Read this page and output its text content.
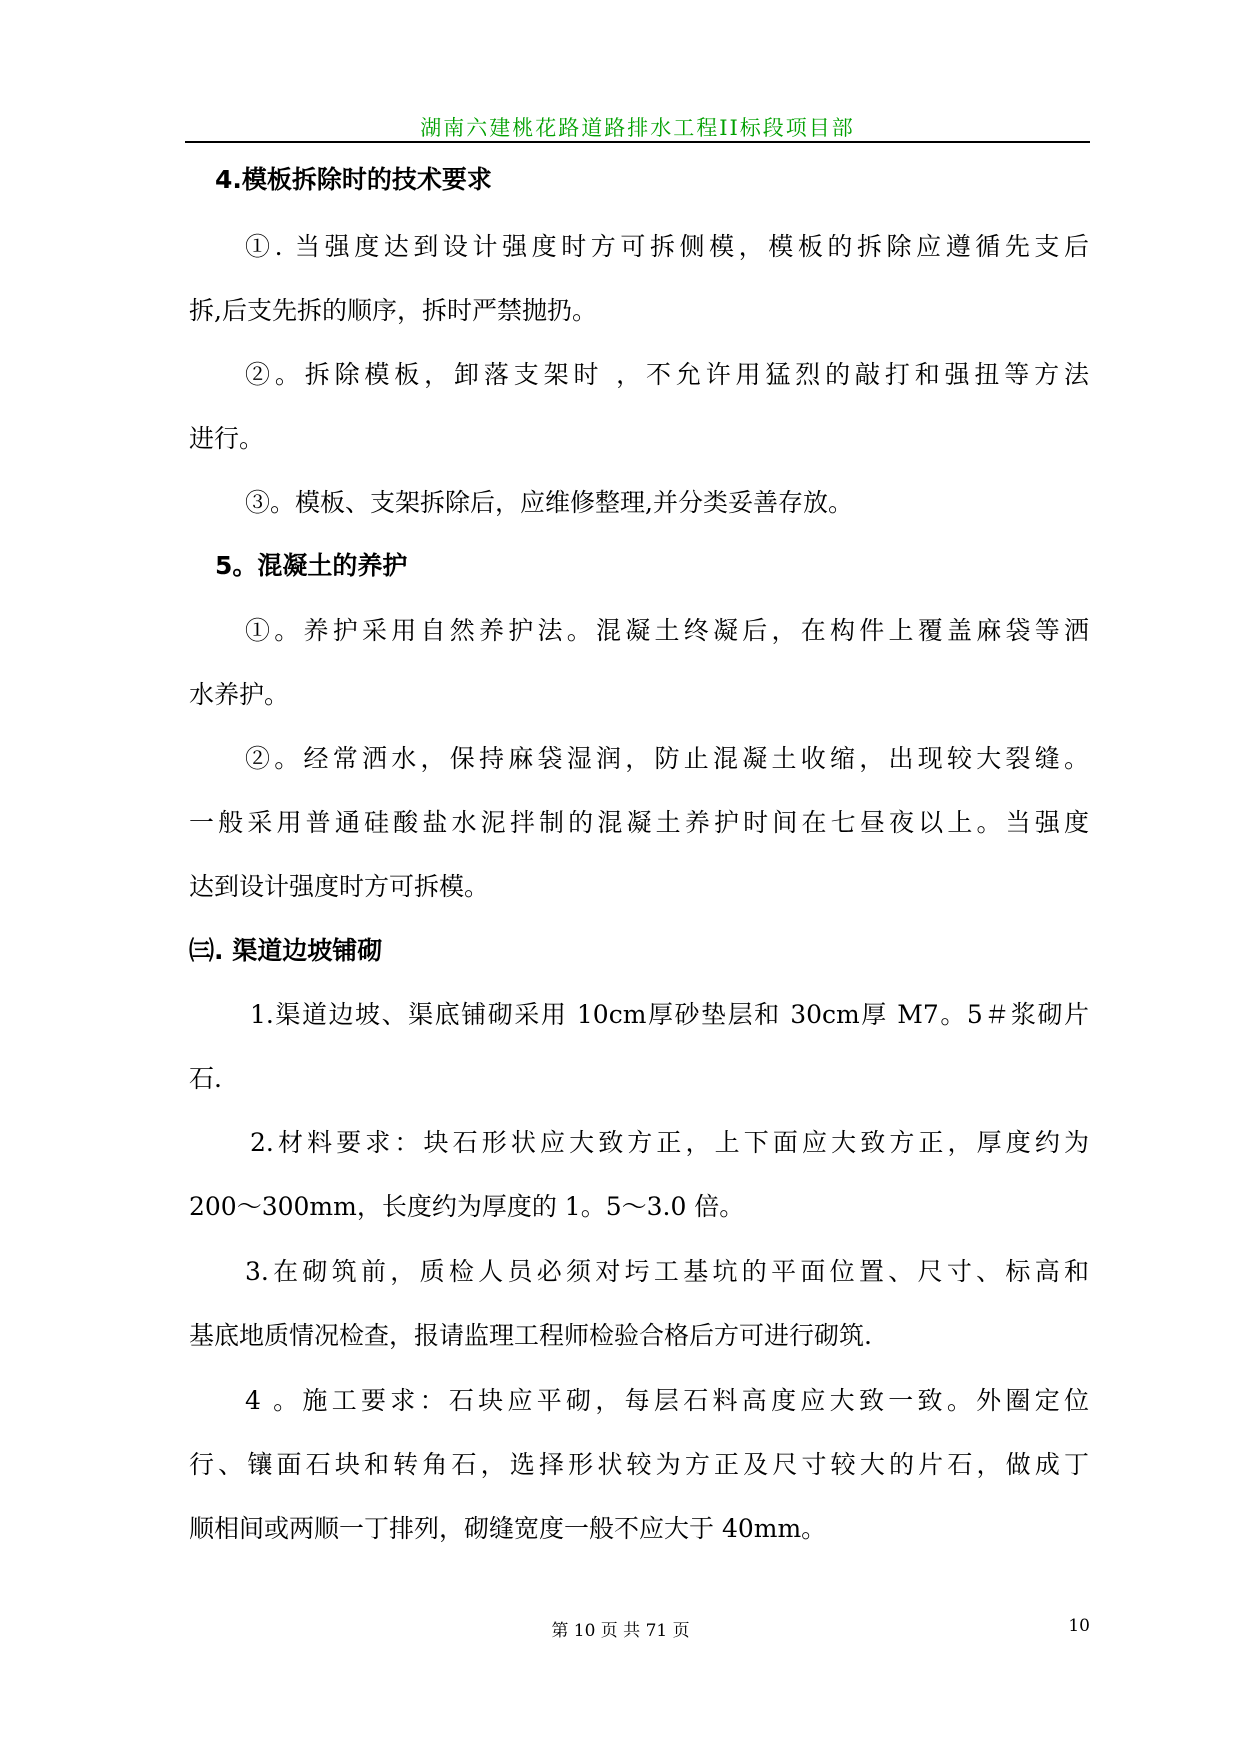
湖南六建桃花路道路排水工程II标段项目部
4.模板拆除时的技术要求
①. 当强度达到设计强度时方可拆侧模，模板的拆除应遵循先支后
拆,后支先拆的顺序，拆时严禁抛扔。
②。拆除模板，卸落支架时 ，不允许用猛烈的敲打和强扭等方法
进行。
③。模板、支架拆除后，应维修整理,并分类妥善存放。
5。混凝土的养护
①。养护采用自然养护法。混凝土终凝后，在构件上覆盖麻袋等洒
水养护。
②。经常洒水，保持麻袋湿润，防止混凝土收缩，出现较大裂缝。
一般采用普通硅酸盐水泥拌制的混凝土养护时间在七昼夜以上。当强度
达到设计强度时方可拆模。
㈢. 渠道边坡铺砌
1.渠道边坡、渠底铺砌采用 10cm厚砂垫层和 30cm厚 M7。5＃浆砌片
石.
2.材料要求：块石形状应大致方正，上下面应大致方正，厚度约为
200～300mm，长度约为厚度的 1。5～3.0 倍。
3.在砌筑前，质检人员必须对圬工基坑的平面位置、尺寸、标高和
基底地质情况检查，报请监理工程师检验合格后方可进行砌筑.
4 。施工要求：石块应平砌，每层石料高度应大致一致。外圈定位
行、镶面石块和转角石，选择形状较为方正及尺寸较大的片石，做成丁
顺相间或两顺一丁排列，砌缝宽度一般不应大于 40mm。
第 10 页 共 71 页	10
